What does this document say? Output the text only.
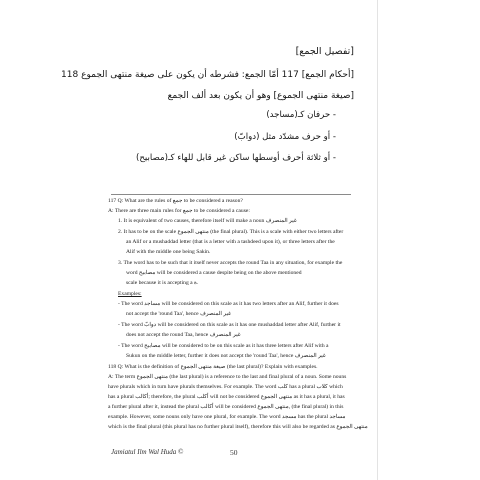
[تفصيل الجمع]
[أحكام الجمع] 117 أمّا الجمع: فشرطه أن يكون على صيغة منتهى الجموع 118
[صيغة منتهى الجموع] وهو أن يكون بعد ألف الجمع
- حرفان كـ(مساجد)
- أو حرف مشدّد مثل (دوابّ)
- أو ثلاثة أحرف أوسطها ساكن غير قابل للهاء كـ(مصابيح)
117 Q: What are the rules of جمع to be considered a reason?
A: There are three main rules for جمع to be considered a cause:
1. It is equivalent of two causes, therefore itself will make a noun غير المنصرف
2. It has to be on the scale منتهى الجموع (the final plural). This is a scale with either two letters after
an Alif or a mushaddad letter (that is a letter with a tashdeed upon it), or three letters after the
Alif with the middle one being Sakin.
3. The word has to be such that it itself never accepts the round Taa in any situation, for example the
word مصابيح will be considered a cause despite being on the above mentioned
scale because it is accepting a ة.
Examples:
- The word مساجد will be considered on this scale as it has two letters after an Alif, further it does
not accept the 'round Taa', hence غير المنصرف
- The word دوابّ will be considered on this scale as it has one mushaddad letter after Alif, further it
does not accept the round Taa, hence غير المنصرف
- The word مصابيح will be considered to be on this scale as it has three letters after Alif with a
Sukun on the middle letter, further it does not accept the 'round Taa', hence غير المنصرف
118 Q: What is the definition of صيغة منتهى الجموع (the last plural)? Explain with examples.
A: The term منتهى الجموع (the last plural) is a reference to the last and final plural of a noun. Some nouns
have plurals which in turn have plurals themselves. For example. The word كلب has a plural كلاب which
has a plural أكالب; therefore, the plural أكلب will not be considered منتهى الجموع as it has a plural, it has
a further plural after it, instead the plural أكالب will be considered منتهى الجموع, (the final plural) in this
example. However, some nouns only have one plural, for example. The word مسجد has the plural مساجد
which is the final plural (this plural has no further plural itself), therefore this will also be regarded as منتهى الجموع
Jamiatul Ilm Wal Huda ©	50
